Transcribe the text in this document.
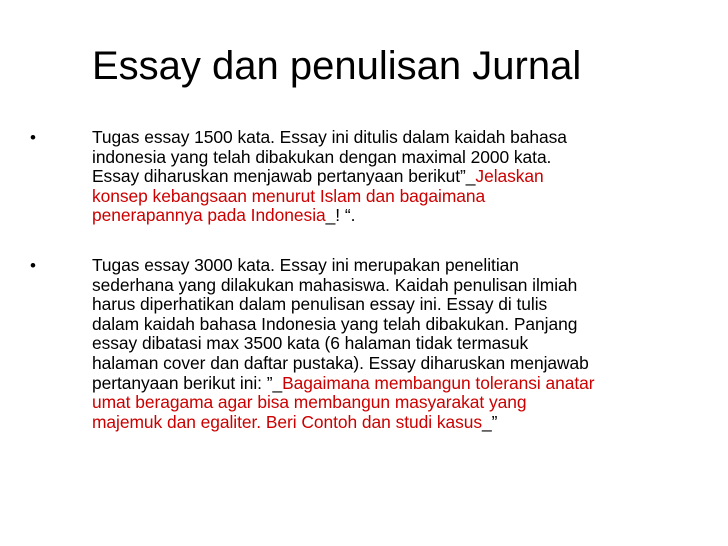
Essay dan penulisan Jurnal
•	Tugas essay 1500 kata. Essay ini ditulis dalam kaidah bahasa
indonesia yang telah dibakukan dengan maximal 2000 kata.
Essay diharuskan menjawab pertanyaan berikut”_Jelaskan
konsep kebangsaan menurut Islam dan bagaimana
penerapannya pada Indonesia_! “.
•	Tugas essay 3000 kata. Essay ini merupakan penelitian
sederhana yang dilakukan mahasiswa. Kaidah penulisan ilmiah
harus diperhatikan dalam penulisan essay ini. Essay di tulis
dalam kaidah bahasa Indonesia yang telah dibakukan. Panjang
essay dibatasi max 3500 kata (6 halaman tidak termasuk
halaman cover dan daftar pustaka). Essay diharuskan menjawab
pertanyaan berikut ini: ”_Bagaimana membangun toleransi anatar
umat beragama agar bisa membangun masyarakat yang
majemuk dan egaliter. Beri Contoh dan studi kasus_”
